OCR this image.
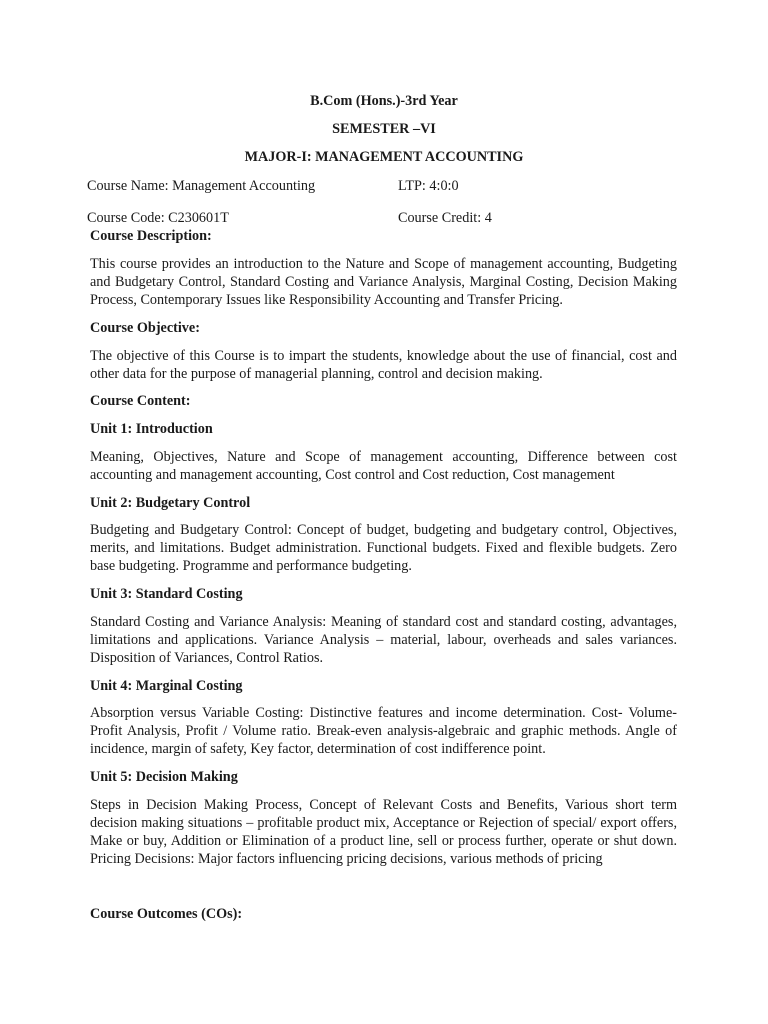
B.Com (Hons.)-3rd Year
SEMESTER –VI
MAJOR-I: MANAGEMENT ACCOUNTING
Course Name: Management Accounting	LTP: 4:0:0
Course Code: C230601T	Course Credit: 4
Course Description:
This course provides an introduction to the Nature and Scope of management accounting, Budgeting and Budgetary Control, Standard Costing and Variance Analysis, Marginal Costing, Decision Making Process, Contemporary Issues like Responsibility Accounting and Transfer Pricing.
Course Objective:
The objective of this Course is to impart the students, knowledge about the use of financial, cost and other data for the purpose of managerial planning, control and decision making.
Course Content:
Unit 1: Introduction
Meaning, Objectives, Nature and Scope of management accounting, Difference between cost accounting and management accounting, Cost control and Cost reduction, Cost management
Unit 2: Budgetary Control
Budgeting and Budgetary Control: Concept of budget, budgeting and budgetary control, Objectives, merits, and limitations. Budget administration. Functional budgets. Fixed and flexible budgets. Zero base budgeting. Programme and performance budgeting.
Unit 3: Standard Costing
Standard Costing and Variance Analysis: Meaning of standard cost and standard costing, advantages, limitations and applications. Variance Analysis – material, labour, overheads and sales variances. Disposition of Variances, Control Ratios.
Unit 4: Marginal Costing
Absorption versus Variable Costing: Distinctive features and income determination. Cost- Volume-Profit Analysis, Profit / Volume ratio. Break-even analysis-algebraic and graphic methods. Angle of incidence, margin of safety, Key factor, determination of cost indifference point.
Unit 5: Decision Making
Steps in Decision Making Process, Concept of Relevant Costs and Benefits, Various short term decision making situations – profitable product mix, Acceptance or Rejection of special/ export offers, Make or buy, Addition or Elimination of a product line, sell or process further, operate or shut down. Pricing Decisions: Major factors influencing pricing decisions, various methods of pricing
Course Outcomes (COs):
